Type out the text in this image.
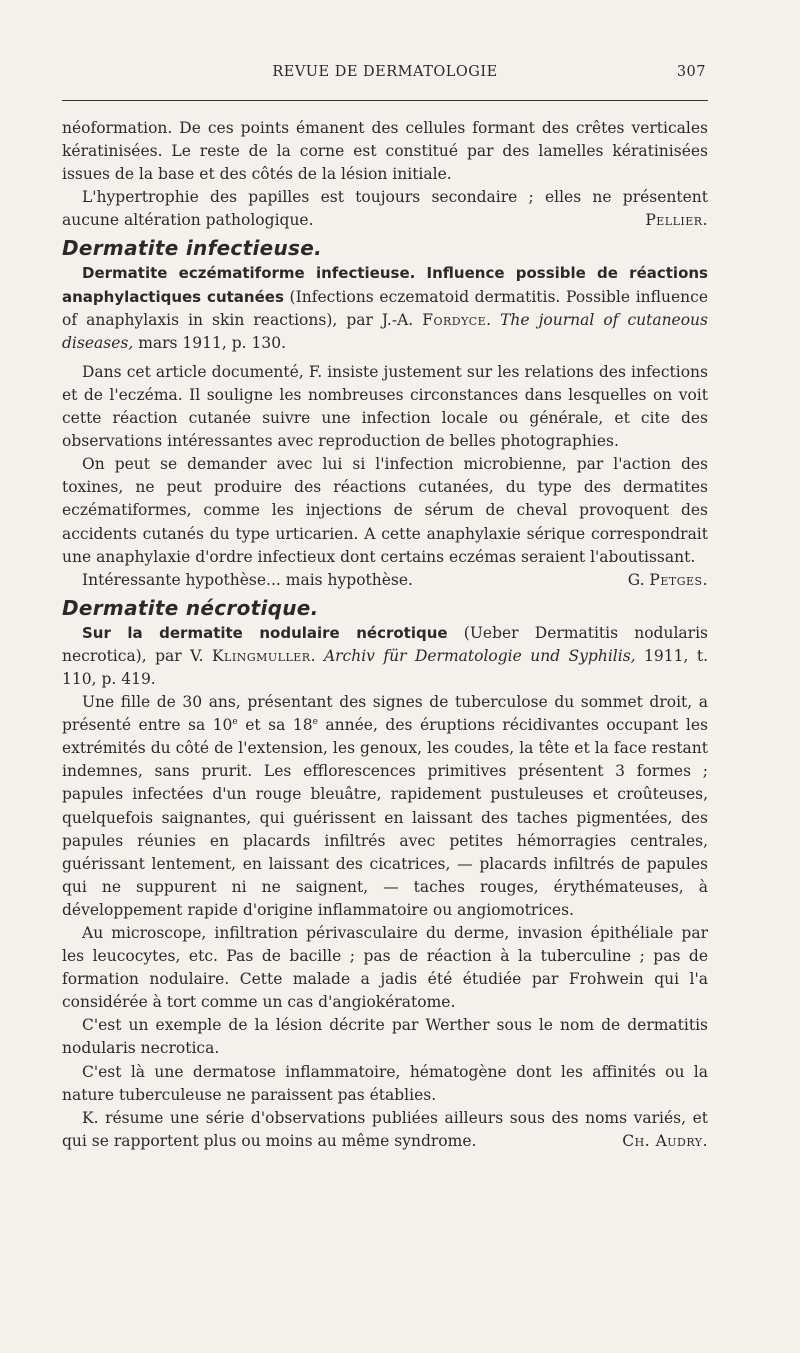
REVUE DE DERMATOLOGIE	307

néoformation. De ces points émanent des cellules formant des crêtes verticales kératinisées. Le reste de la corne est constitué par des lamelles kératinisées issues de la base et des côtés de la lésion initiale.

L'hypertrophie des papilles est toujours secondaire ; elles ne présentent aucune altération pathologique.	Pellier.

Dermatite infectieuse.

Dermatite eczématiforme infectieuse. Influence possible de réactions anaphylactiques cutanées (Infections eczematoid dermatitis. Possible influence of anaphylaxis in skin reactions), par J.-A. Fordyce. The journal of cutaneous diseases, mars 1911, p. 130.

Dans cet article documenté, F. insiste justement sur les relations des infections et de l'eczéma. Il souligne les nombreuses circonstances dans lesquelles on voit cette réaction cutanée suivre une infection locale ou générale, et cite des observations intéressantes avec reproduction de belles photographies.

On peut se demander avec lui si l'infection microbienne, par l'action des toxines, ne peut produire des réactions cutanées, du type des dermatites eczématiformes, comme les injections de sérum de cheval provoquent des accidents cutanés du type urticarien. A cette anaphylaxie sérique correspondrait une anaphylaxie d'ordre infectieux dont certains eczémas seraient l'aboutissant.

Intéressante hypothèse... mais hypothèse.	G. Petges.

Dermatite nécrotique.

Sur la dermatite nodulaire nécrotique (Ueber Dermatitis nodularis necrotica), par V. Klingmuller. Archiv für Dermatologie und Syphilis, 1911, t. 110, p. 419.

Une fille de 30 ans, présentant des signes de tuberculose du sommet droit, a présenté entre sa 10e et sa 18e année, des éruptions récidivantes occupant les extrémités du côté de l'extension, les genoux, les coudes, la tête et la face restant indemnes, sans prurit. Les efflorescences primitives présentent 3 formes ; papules infectées d'un rouge bleuâtre, rapidement pustuleuses et croûteuses, quelquefois saignantes, qui guérissent en laissant des taches pigmentées, des papules réunies en placards infiltrés avec petites hémorragies centrales, guérissant lentement, en laissant des cicatrices, — placards infiltrés de papules qui ne suppurent ni ne saignent, — taches rouges, érythémateuses, à développement rapide d'origine inflammatoire ou angiomotrices.

Au microscope, infiltration périvasculaire du derme, invasion épithéliale par les leucocytes, etc. Pas de bacille ; pas de réaction à la tuberculine ; pas de formation nodulaire. Cette malade a jadis été étudiée par Frohwein qui l'a considérée à tort comme un cas d'angiokératome.

C'est un exemple de la lésion décrite par Werther sous le nom de dermatitis nodularis necrotica.

C'est là une dermatose inflammatoire, hématogène dont les affinités ou la nature tuberculeuse ne paraissent pas établies.

K. résume une série d'observations publiées ailleurs sous des noms variés, et qui se rapportent plus ou moins au même syndrome.	Ch. Audry.
